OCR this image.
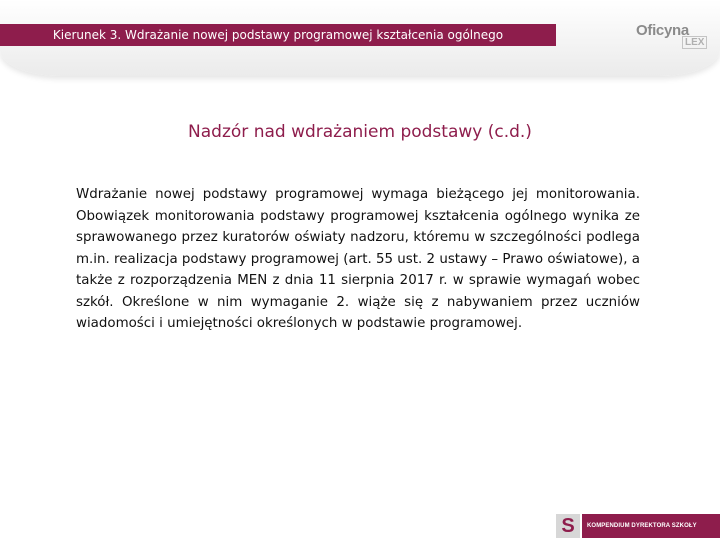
Kierunek 3. Wdrażanie nowej podstawy programowej kształcenia ogólnego	Oficyna
LEX
Nadzór nad wdrażaniem podstawy (c.d.)

Wdrażanie nowej podstawy programowej wymaga bieżącego jej monitorowania. Obowiązek monitorowania podstawy programowej kształcenia ogólnego wynika ze sprawowanego przez kuratorów oświaty nadzoru, któremu w szczególności podlega m.in. realizacja podstawy programowej (art. 55 ust. 2 ustawy – Prawo oświatowe), a także z rozporządzenia MEN z dnia 11 sierpnia 2017 r. w sprawie wymagań wobec szkół. Określone w nim wymaganie 2. wiąże się z nabywaniem przez uczniów wiadomości i umiejętności określonych w podstawie programowej.

S	KOMPENDIUM DYREKTORA SZKOŁY
